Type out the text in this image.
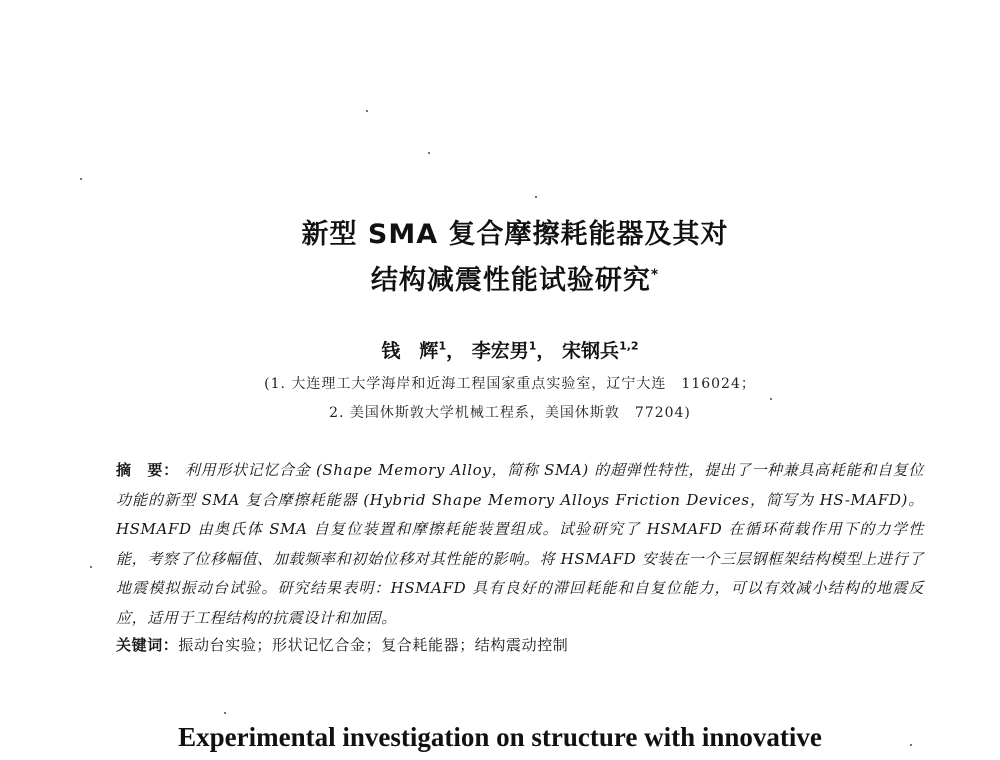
新型 SMA 复合摩擦耗能器及其对
结构减震性能试验研究*
钱　辉$^1$， 李宏男$^1$， 宋钢兵$^{1,2}$
(1. 大连理工大学海岸和近海工程国家重点实验室，辽宁大连　116024；
2. 美国休斯敦大学机械工程系，美国休斯敦　77204)
摘　要： 利用形状记忆合金 (Shape Memory Alloy，简称 SMA) 的超弹性特性，提出了一种兼具高耗能和自复位功能的新型 SMA 复合摩擦耗能器 (Hybrid Shape Memory Alloys Friction Devices，简写为 HS-MAFD)。HSMAFD 由奥氏体 SMA 自复位装置和摩擦耗能装置组成。试验研究了 HSMAFD 在循环荷载作用下的力学性能，考察了位移幅值、加载频率和初始位移对其性能的影响。将 HSMAFD 安装在一个三层钢框架结构模型上进行了地震模拟振动台试验。研究结果表明：HSMAFD 具有良好的滞回耗能和自复位能力，可以有效减小结构的地震反应，适用于工程结构的抗震设计和加固。
关键词：振动台实验；形状记忆合金；复合耗能器；结构震动控制
Experimental investigation on structure with innovative
